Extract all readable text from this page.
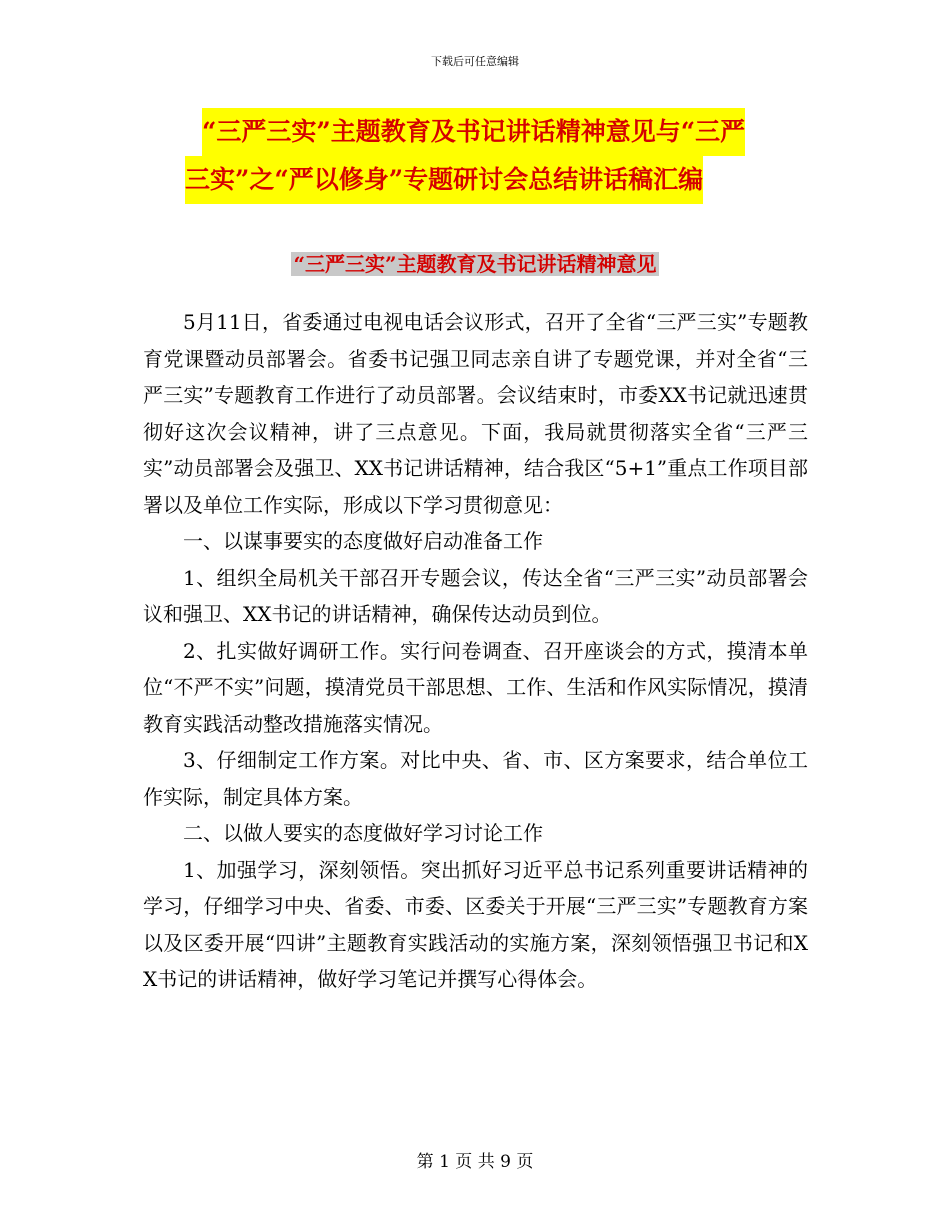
下载后可任意编辑
“三严三实”主题教育及书记讲话精神意见与“三严
三实”之“严以修身”专题研讨会总结讲话稿汇编
“三严三实”主题教育及书记讲话精神意见

5月11日，省委通过电视电话会议形式，召开了全省“三严三实”专题教育党课暨动员部署会。省委书记强卫同志亲自讲了专题党课，并对全省“三严三实”专题教育工作进行了动员部署。会议结束时，市委XX书记就迅速贯彻好这次会议精神，讲了三点意见。下面，我局就贯彻落实全省“三严三实”动员部署会及强卫、XX书记讲话精神，结合我区“5+1”重点工作项目部署以及单位工作实际，形成以下学习贯彻意见：

一、以谋事要实的态度做好启动准备工作

1、组织全局机关干部召开专题会议，传达全省“三严三实”动员部署会议和强卫、XX书记的讲话精神，确保传达动员到位。

2、扎实做好调研工作。实行问卷调查、召开座谈会的方式，摸清本单位“不严不实”问题，摸清党员干部思想、工作、生活和作风实际情况，摸清教育实践活动整改措施落实情况。

3、仔细制定工作方案。对比中央、省、市、区方案要求，结合单位工作实际，制定具体方案。

二、以做人要实的态度做好学习讨论工作

1、加强学习，深刻领悟。突出抓好习近平总书记系列重要讲话精神的学习，仔细学习中央、省委、市委、区委关于开展“三严三实”专题教育方案以及区委开展“四讲”主题教育实践活动的实施方案，深刻领悟强卫书记和XX书记的讲话精神，做好学习笔记并撰写心得体会。

第 1 页 共 9 页
